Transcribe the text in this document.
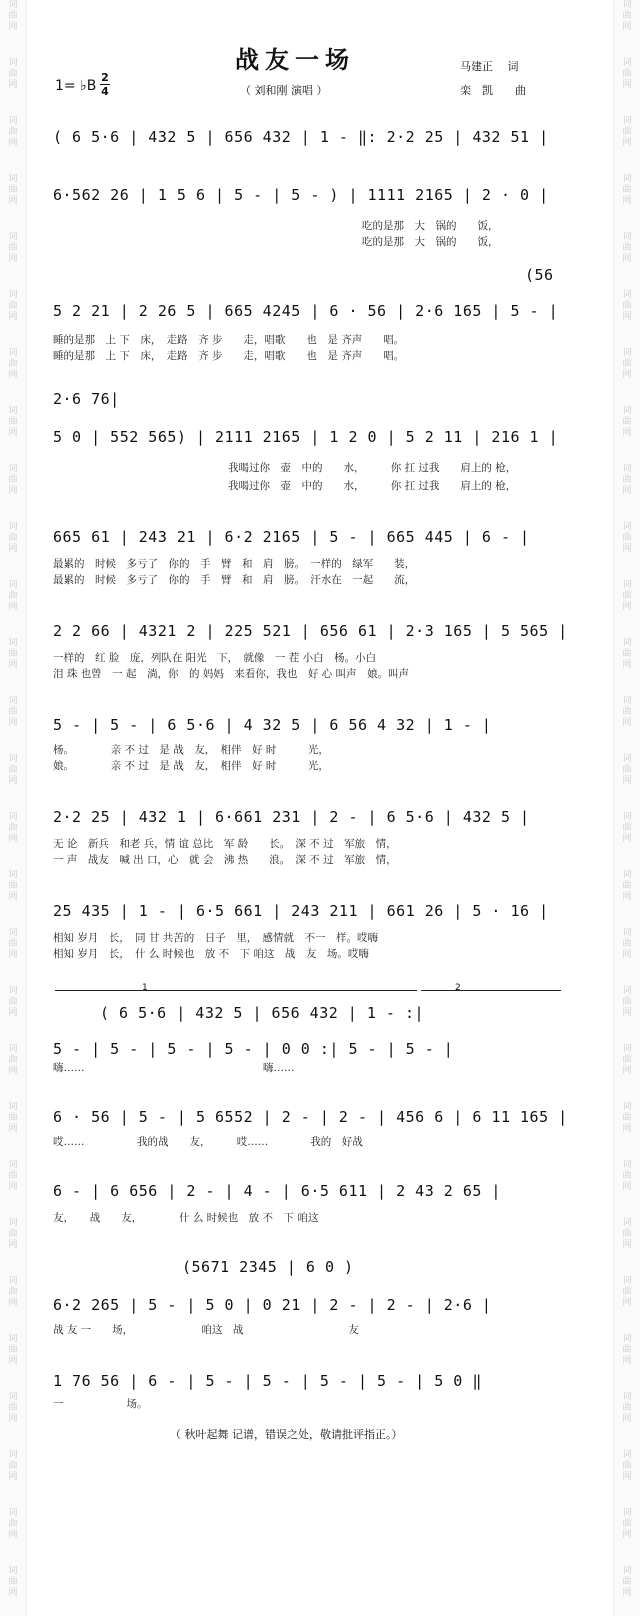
战友一场
（ 刘和刚 演唱 ）
马建正　 词
栾　凯　　曲
1= ♭B
2
4
( 6 5·6 | 432 5 | 656 432 | 1 - ‖: 2·2 25 | 432 51 |
6·562 26 | 1 5 6 | 5 - | 5 - ) | 1111 2165 | 2 · 0 |
吃的是那　大　锅的　　饭，
吃的是那　大　锅的　　饭，
(56
5 2 21 | 2 26 5 | 665 4245 | 6 · 56 | 2·6 165 | 5 - |
睡的是那　上 下　床，　走路　齐 步　　走，唱歌　　也　是 齐声　　唱。
睡的是那　上 下　床，　走路　齐 步　　走，唱歌　　也　是 齐声　　唱。
2·6 76|
5 0 | 552 565) | 2111 2165 | 1 2 0 | 5 2 11 | 216 1 |
我喝过你　壶　中的　　水，　　　你 扛 过我　　肩上的 枪，
我喝过你　壶　中的　　水，　　　你 扛 过我　　肩上的 枪，
665 61 | 243 21 | 6·2 2165 | 5 - | 665 445 | 6 - |
最累的　时候　多亏了　你的　手　臂　和　肩　膀。　一样的　绿军　　装，
最累的　时候　多亏了　你的　手　臂　和　肩　膀。　汗水在　一起　　流，
2 2 66 | 4321 2 | 225 521 | 656 61 | 2·3 165 | 5 565 |
一样的　红 脸　庞，列队在 阳光　下，　就像　一 茬 小白　杨。小白
泪 珠 也曾　一 起　淌，你　的 妈妈　来看你，我也　好 心 叫声　娘。叫声
5 - | 5 - | 6 5·6 | 4 32 5 | 6 56 4 32 | 1 - |
杨。　　　　亲 不 过　是 战　友，　相伴　好 时　　　光，
娘。　　　　亲 不 过　是 战　友，　相伴　好 时　　　光，
2·2 25 | 432 1 | 6·661 231 | 2 - | 6 5·6 | 432 5 |
无 论　新兵　和老 兵，情 谊 总比　军 龄　　长。　深 不 过　军旅　情，
一 声　战友　喊 出 口，心　就 会　沸 热　　浪。　深 不 过　军旅　情，
25 435 | 1 - | 6·5 661 | 243 211 | 661 26 | 5 · 16 |
相知 岁月　长，　同 甘 共苦的　日子　里，　感情就　不一　样。哎嗨
相知 岁月　长，　什 么 时候也　放 不　下 咱这　战　友　场。哎嗨
1	2
( 6 5·6 | 432 5 | 656 432 | 1 - :|
5 - | 5 - | 5 - | 5 - | 0 0 :| 5 - | 5 - |
嗨……　　　　　　　　　　　　　　　　　嗨……
6 · 56 | 5 - | 5 6552 | 2 - | 2 - | 456 6 | 6 11 165 |
哎……　　　　　我的战　　友，　　　哎……　　　　我的　好战
6 - | 6 656 | 2 - | 4 - | 6·5 611 | 2 43 2 65 |
友，　　战　　友，　　　　什 么 时候也　放 不　下 咱这
(5671 2345 | 6 0 )
6·2 265 | 5 - | 5 0 | 0 21 | 2 - | 2 - | 2·6 |
战 友 一　　场，　　　　　　　咱这　战　　　　　　　　　　友
1 76 56 | 6 - | 5 - | 5 - | 5 - | 5 - | 5 0 ‖
一　　　　　　场。
（ 秋叶起舞 记谱，错误之处，敬请批评指正。）
词
曲
网
词
曲
网
词
曲
网
词
曲
网
词
曲
网
词
曲
网
词
曲
网
词
曲
网
词
曲
网
词
曲
网
词
曲
网
词
曲
网
词
曲
网
词
曲
网
词
曲
网
词
曲
网
词
曲
网
词
曲
网
词
曲
网
词
曲
网
词
曲
网
词
曲
网
词
曲
网
词
曲
网
词
曲
网
词
曲
网
词
曲
网
词
曲
网
词
曲
网
词
曲
网
词
曲
网
词
曲
网
词
曲
网
词
曲
网
词
曲
网
词
曲
网
词
曲
网
词
曲
网
词
曲
网
词
曲
网
词
曲
网
词
曲
网
词
曲
网
词
曲
网
词
曲
网
词
曲
网
词
曲
网
词
曲
网
词
曲
网
词
曲
网
词
曲
网
词
曲
网
词
曲
网
词
曲
网
词
曲
网
词
曲
网
